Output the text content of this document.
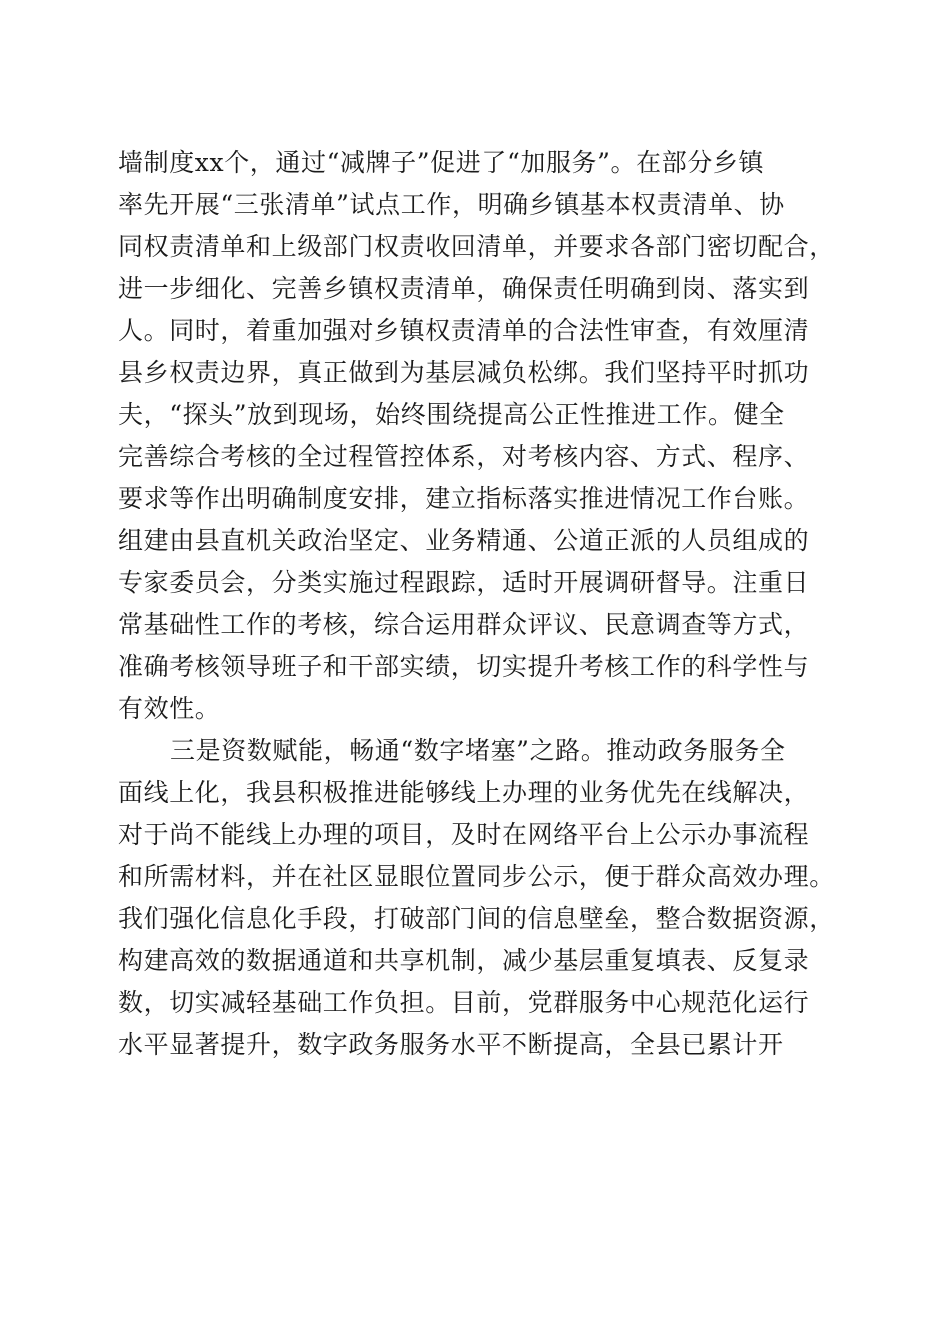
墙制度xx个，通过“减牌子”促进了“加服务”。在部分乡镇
率先开展“三张清单”试点工作，明确乡镇基本权责清单、协
同权责清单和上级部门权责收回清单，并要求各部门密切配合，
进一步细化、完善乡镇权责清单，确保责任明确到岗、落实到
人。同时，着重加强对乡镇权责清单的合法性审查，有效厘清
县乡权责边界，真正做到为基层减负松绑。我们坚持平时抓功
夫，“探头”放到现场，始终围绕提高公正性推进工作。健全
完善综合考核的全过程管控体系，对考核内容、方式、程序、
要求等作出明确制度安排，建立指标落实推进情况工作台账。
组建由县直机关政治坚定、业务精通、公道正派的人员组成的
专家委员会，分类实施过程跟踪，适时开展调研督导。注重日
常基础性工作的考核，综合运用群众评议、民意调查等方式，
准确考核领导班子和干部实绩，切实提升考核工作的科学性与
有效性。
三是资数赋能，畅通“数字堵塞”之路。推动政务服务全
面线上化，我县积极推进能够线上办理的业务优先在线解决，
对于尚不能线上办理的项目，及时在网络平台上公示办事流程
和所需材料，并在社区显眼位置同步公示，便于群众高效办理。
我们强化信息化手段，打破部门间的信息壁垒，整合数据资源，
构建高效的数据通道和共享机制，减少基层重复填表、反复录
数，切实减轻基础工作负担。目前，党群服务中心规范化运行
水平显著提升，数字政务服务水平不断提高，全县已累计开
